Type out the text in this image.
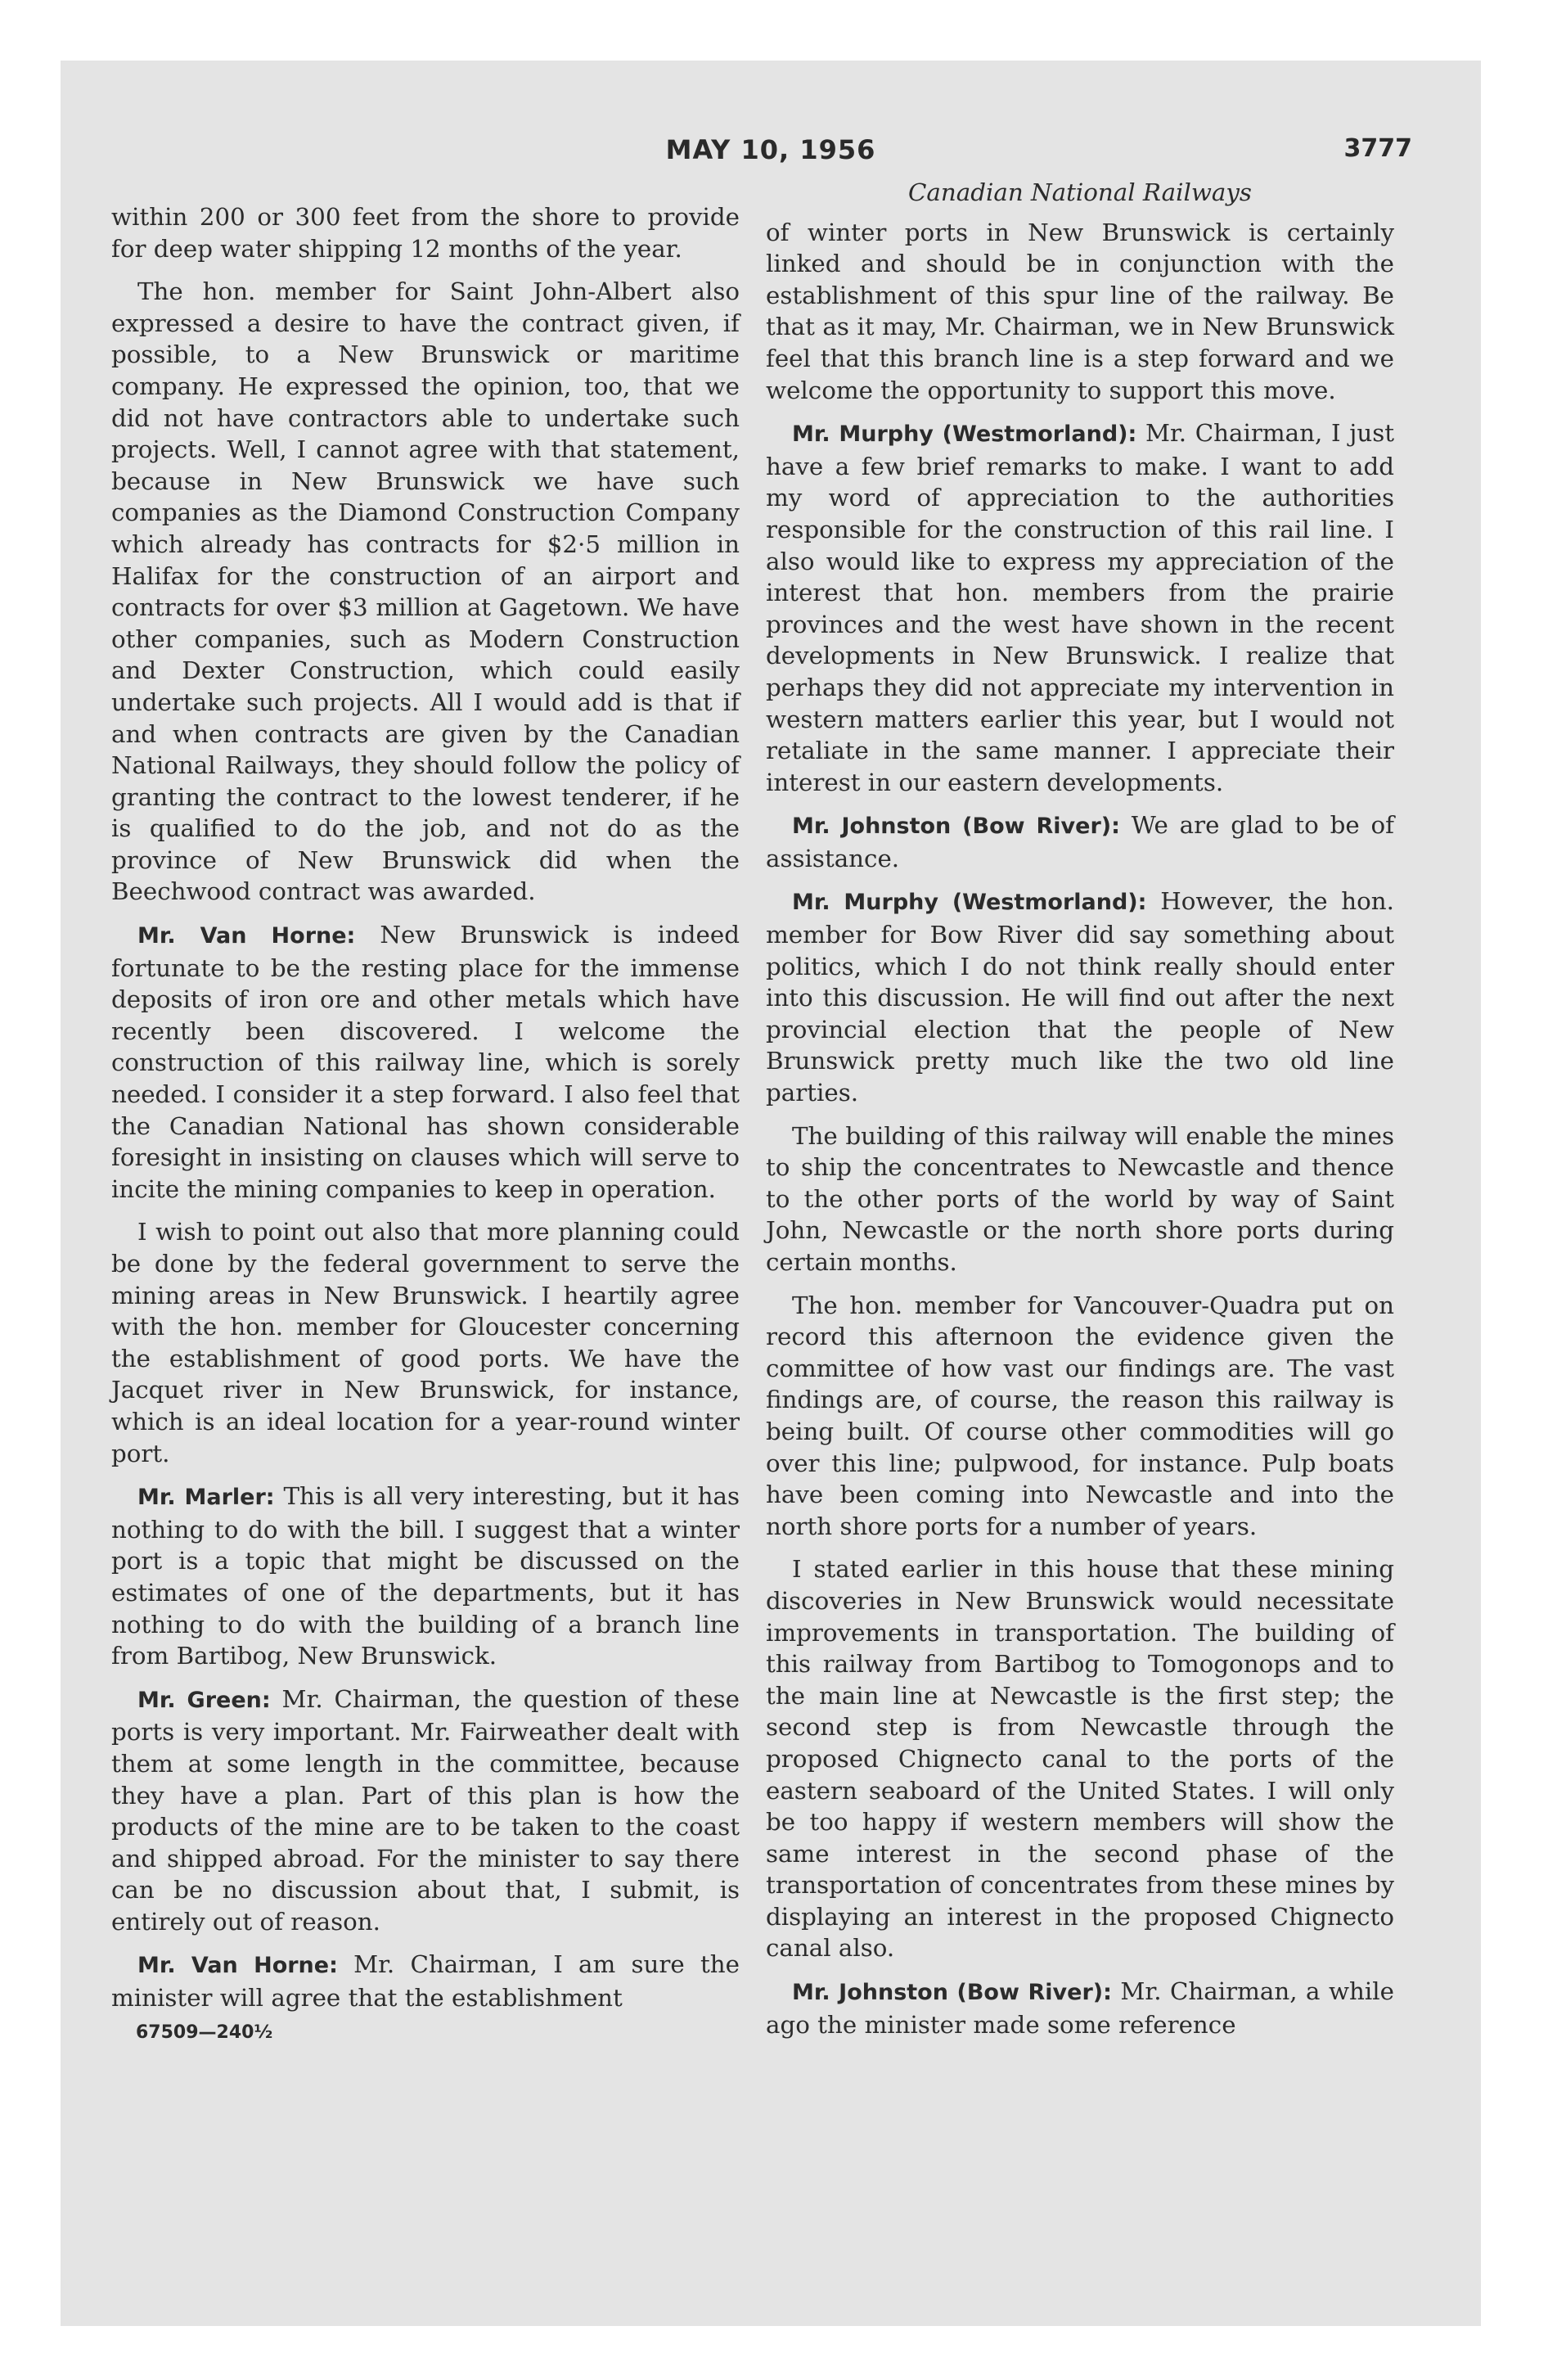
MAY 10, 1956	3777

within 200 or 300 feet from the shore to provide for deep water shipping 12 months of the year.

The hon. member for Saint John-Albert also expressed a desire to have the contract given, if possible, to a New Brunswick or maritime company. He expressed the opinion, too, that we did not have contractors able to undertake such projects. Well, I cannot agree with that statement, because in New Brunswick we have such companies as the Diamond Construction Company which already has contracts for $2·5 million in Halifax for the construction of an airport and contracts for over $3 million at Gagetown. We have other companies, such as Modern Construction and Dexter Construction, which could easily undertake such projects. All I would add is that if and when contracts are given by the Canadian National Railways, they should follow the policy of granting the contract to the lowest tenderer, if he is qualified to do the job, and not do as the province of New Brunswick did when the Beechwood contract was awarded.

Mr. Van Horne: New Brunswick is indeed fortunate to be the resting place for the immense deposits of iron ore and other metals which have recently been discovered. I welcome the construction of this railway line, which is sorely needed. I consider it a step forward. I also feel that the Canadian National has shown considerable foresight in insisting on clauses which will serve to incite the mining companies to keep in operation.

I wish to point out also that more planning could be done by the federal government to serve the mining areas in New Brunswick. I heartily agree with the hon. member for Gloucester concerning the establishment of good ports. We have the Jacquet river in New Brunswick, for instance, which is an ideal location for a year-round winter port.

Mr. Marler: This is all very interesting, but it has nothing to do with the bill. I suggest that a winter port is a topic that might be discussed on the estimates of one of the departments, but it has nothing to do with the building of a branch line from Bartibog, New Brunswick.

Mr. Green: Mr. Chairman, the question of these ports is very important. Mr. Fairweather dealt with them at some length in the committee, because they have a plan. Part of this plan is how the products of the mine are to be taken to the coast and shipped abroad. For the minister to say there can be no discussion about that, I submit, is entirely out of reason.

Mr. Van Horne: Mr. Chairman, I am sure the minister will agree that the establishment

67509—240½
Canadian National Railways

of winter ports in New Brunswick is certainly linked and should be in conjunction with the establishment of this spur line of the railway. Be that as it may, Mr. Chairman, we in New Brunswick feel that this branch line is a step forward and we welcome the opportunity to support this move.

Mr. Murphy (Westmorland): Mr. Chairman, I just have a few brief remarks to make. I want to add my word of appreciation to the authorities responsible for the construction of this rail line. I also would like to express my appreciation of the interest that hon. members from the prairie provinces and the west have shown in the recent developments in New Brunswick. I realize that perhaps they did not appreciate my intervention in western matters earlier this year, but I would not retaliate in the same manner. I appreciate their interest in our eastern developments.

Mr. Johnston (Bow River): We are glad to be of assistance.

Mr. Murphy (Westmorland): However, the hon. member for Bow River did say something about politics, which I do not think really should enter into this discussion. He will find out after the next provincial election that the people of New Brunswick pretty much like the two old line parties.

The building of this railway will enable the mines to ship the concentrates to Newcastle and thence to the other ports of the world by way of Saint John, Newcastle or the north shore ports during certain months.

The hon. member for Vancouver-Quadra put on record this afternoon the evidence given the committee of how vast our findings are. The vast findings are, of course, the reason this railway is being built. Of course other commodities will go over this line; pulpwood, for instance. Pulp boats have been coming into Newcastle and into the north shore ports for a number of years.

I stated earlier in this house that these mining discoveries in New Brunswick would necessitate improvements in transportation. The building of this railway from Bartibog to Tomogonops and to the main line at Newcastle is the first step; the second step is from Newcastle through the proposed Chignecto canal to the ports of the eastern seaboard of the United States. I will only be too happy if western members will show the same interest in the second phase of the transportation of concentrates from these mines by displaying an interest in the proposed Chignecto canal also.

Mr. Johnston (Bow River): Mr. Chairman, a while ago the minister made some reference
